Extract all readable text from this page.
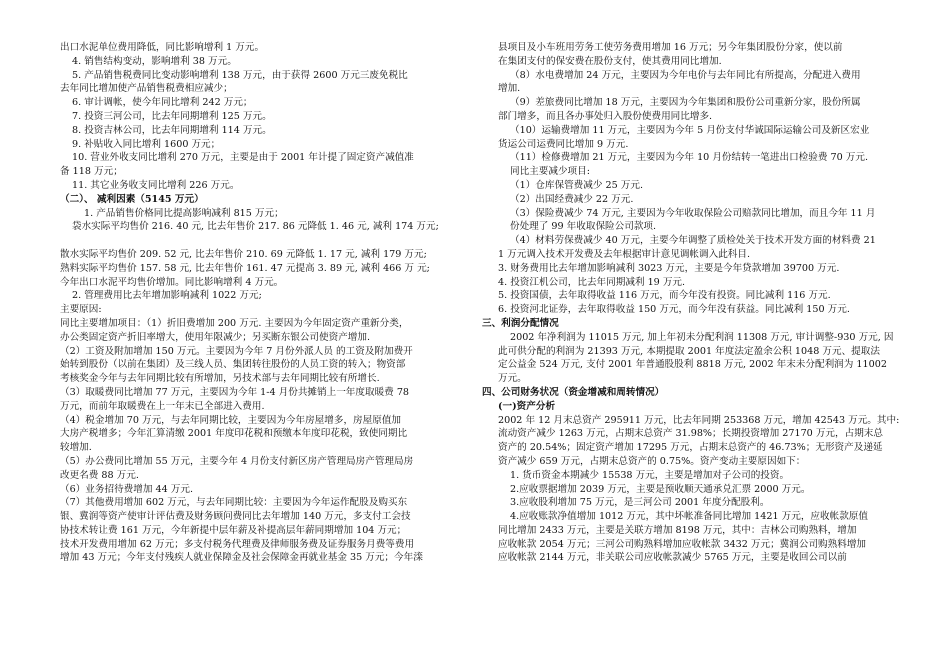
出口水泥单位费用降低，同比影响增利 1 万元。
4. 销售结构变动，影响增利 38 万元。
5. 产品销售税费同比变动影响增利 138 万元，由于获得 2600 万元三废免税比
去年同比增加使产品销售税费相应减少；
6. 审计调帐，使今年同比增利 242 万元；
7. 投资三河公司，比去年同期增利 125 万元。
8. 投资吉林公司，比去年同期增利 114 万元。
9. 补贴收入同比增利 1600 万元；
10. 营业外收支同比增利 270 万元，主要是由于 2001 年计提了固定资产减值准
备 118 万元；
11. 其它业务收支同比增利 226 万元。
（二）、 减利因素（5145 万元）
1. 产品销售价格同比提高影响减利 815 万元；
袋水实际平均售价 216. 40 元, 比去年售价 217. 86 元降低 1. 46 元, 减利 174 万元;
散水实际平均售价 209. 52 元, 比去年售价 210. 69 元降低 1. 17 元, 减利 179 万元;
熟料实际平均售价 157. 58 元, 比去年售价 161. 47 元提高 3. 89 元, 减利 466 万 元;
今年出口水泥平均售价增加。同比影响增利 4 万元。
2. 管理费用比去年增加影响减利 1022 万元;
主要原因:
同比主要增加项目：（1）折旧费增加 200 万元. 主要因为今年固定资产重新分类，
办公类固定资产折旧率增大，使用年限减少；另买断东银公司使资产增加.
（2）工资及附加增加 150 万元。主要因为今年 7 月份外派人员 的工资及附加费开
始转到股份（以前在集团）及三线人员、集团转往股份的人员工资的转入；物资部
考核奖金今年与去年同期比较有所增加，另技术部与去年同期比较有所增长.
（3）取暖费同比增加 77 万元，主要因为今年 1-4 月份共摊销上一年度取暖费 78
万元，而前年取暖费在上一年末已全部进入费用.
（4）税金增加 70 万元，与去年同期比较，主要因为今年房屋增多，房屋原值加
大房产税增多；今年汇算清缴 2001 年度印花税和预缴本年度印花税，致使同期比
较增加.
（5）办公费同比增加 55 万元，主要今年 4 月份支付新区房产管理局房产管理局房
改更名费 88 万元.
（6）业务招待费增加 44 万元.
（7）其他费用增加 602 万元，与去年同期比较：主要因为今年运作配股及购买东
银、冀润等资产使审计评估费及财务顾问费同比去年增加 140 万元，多支付工会技
协技术转让费 161 万元，今年新提中层年薪及补提高层年薪同期增加 104 万元；
技术开发费用增加 62 万元；多支付税务代理费及律师服务费及证券服务月费等费用
增加 43 万元；今年支付残疾人就业保障金及社会保障金再就业基金 35 万元；今年滦
县项目及小车班用劳务工使劳务费用增加 16 万元；另今年集团股份分家，使以前
在集团支付的保安费在股份支付，使其费用同比增加.
（8）水电费增加 24 万元，主要因为今年电价与去年同比有所提高，分配进入费用
增加.
（9）差旅费同比增加 18 万元，主要因为今年集团和股份公司重新分家，股份所属
部门增多，而且各办事处归入股份使费用同比增多.
（10）运输费增加 11 万元，主要因为今年 5 月份支付华诚国际运输公司及新区宏业
货运公司运费同比增加 9 万元.
（11）检修费增加 21 万元，主要因为今年 10 月份结转一笔进出口检验费 70 万元.
同比主要减少项目:
（1）仓库保管费减少 25 万元.
（2）出国经费减少 22 万元.
（3）保险费减少 74 万元, 主要因为今年收取保险公司赔款同比增加，而且今年 11 月
份处理了 99 年收取保险公司款项.
（4）材料劳保费减少 40 万元，主要今年调整了质检处关于技术开发方面的材料费 21
1 万元调入技术开发费及去年根据审计意见调帐调入此科目.
3. 财务费用比去年增加影响减利 3023 万元，主要是今年贷款增加 39700 万元.
4. 投资江机公司，比去年同期减利 19 万元.
5. 投资国债，去年取得收益 116 万元，而今年没有投资。同比减利 116 万元.
6. 投资河北证券，去年取得收益 150 万元，而今年没有获益。同比减利 150 万元.
三、利润分配情况
2002 年净利润为 11015 万元, 加上年初未分配利润 11308 万元, 审计调整-930 万元, 因
此可供分配的利润为 21393 万元, 本期提取 2001 年度法定盈余公积 1048 万元、提取法
定公益金 524 万元, 支付 2001 年普通股股利 8818 万元, 2002 年末未分配利润为 11002
万元。
四、公司财务状况（资金增减和周转情况）
(一)资产分析
2002 年 12 月末总资产 295911 万元，比去年同期 253368 万元，增加 42543 万元。其中:
流动资产减少 1263 万元，占期末总资产 31.98%；长期投资增加 27170 万元，占期末总
资产的 20.54%；固定资产增加 17295 万元，占期末总资产的 46.73%；无形资产及递延
资产减少 659 万元，占期末总资产的 0.75%。资产变动主要原因如下：
1. 货币资金本期减少 15538 万元，主要是增加对子公司的投资。
2.应收票据增加 2039 万元，主要是预收顺天通承兑汇票 2000 万元。
3.应收股利增加 75 万元，是三河公司 2001 年度分配股利。
4.应收账款净值增加 1012 万元，其中坏帐准备同比增加 1421 万元，应收帐款原值
同比增加 2433 万元，主要是关联方增加 8198 万元，其中：吉林公司购熟料，增加
应收帐款 2054 万元；三河公司购熟料增加应收帐款 3432 万元；冀润公司购熟料增加
应收帐款 2144 万元，非关联公司应收帐款减少 5765 万元，主要是收回公司以前
